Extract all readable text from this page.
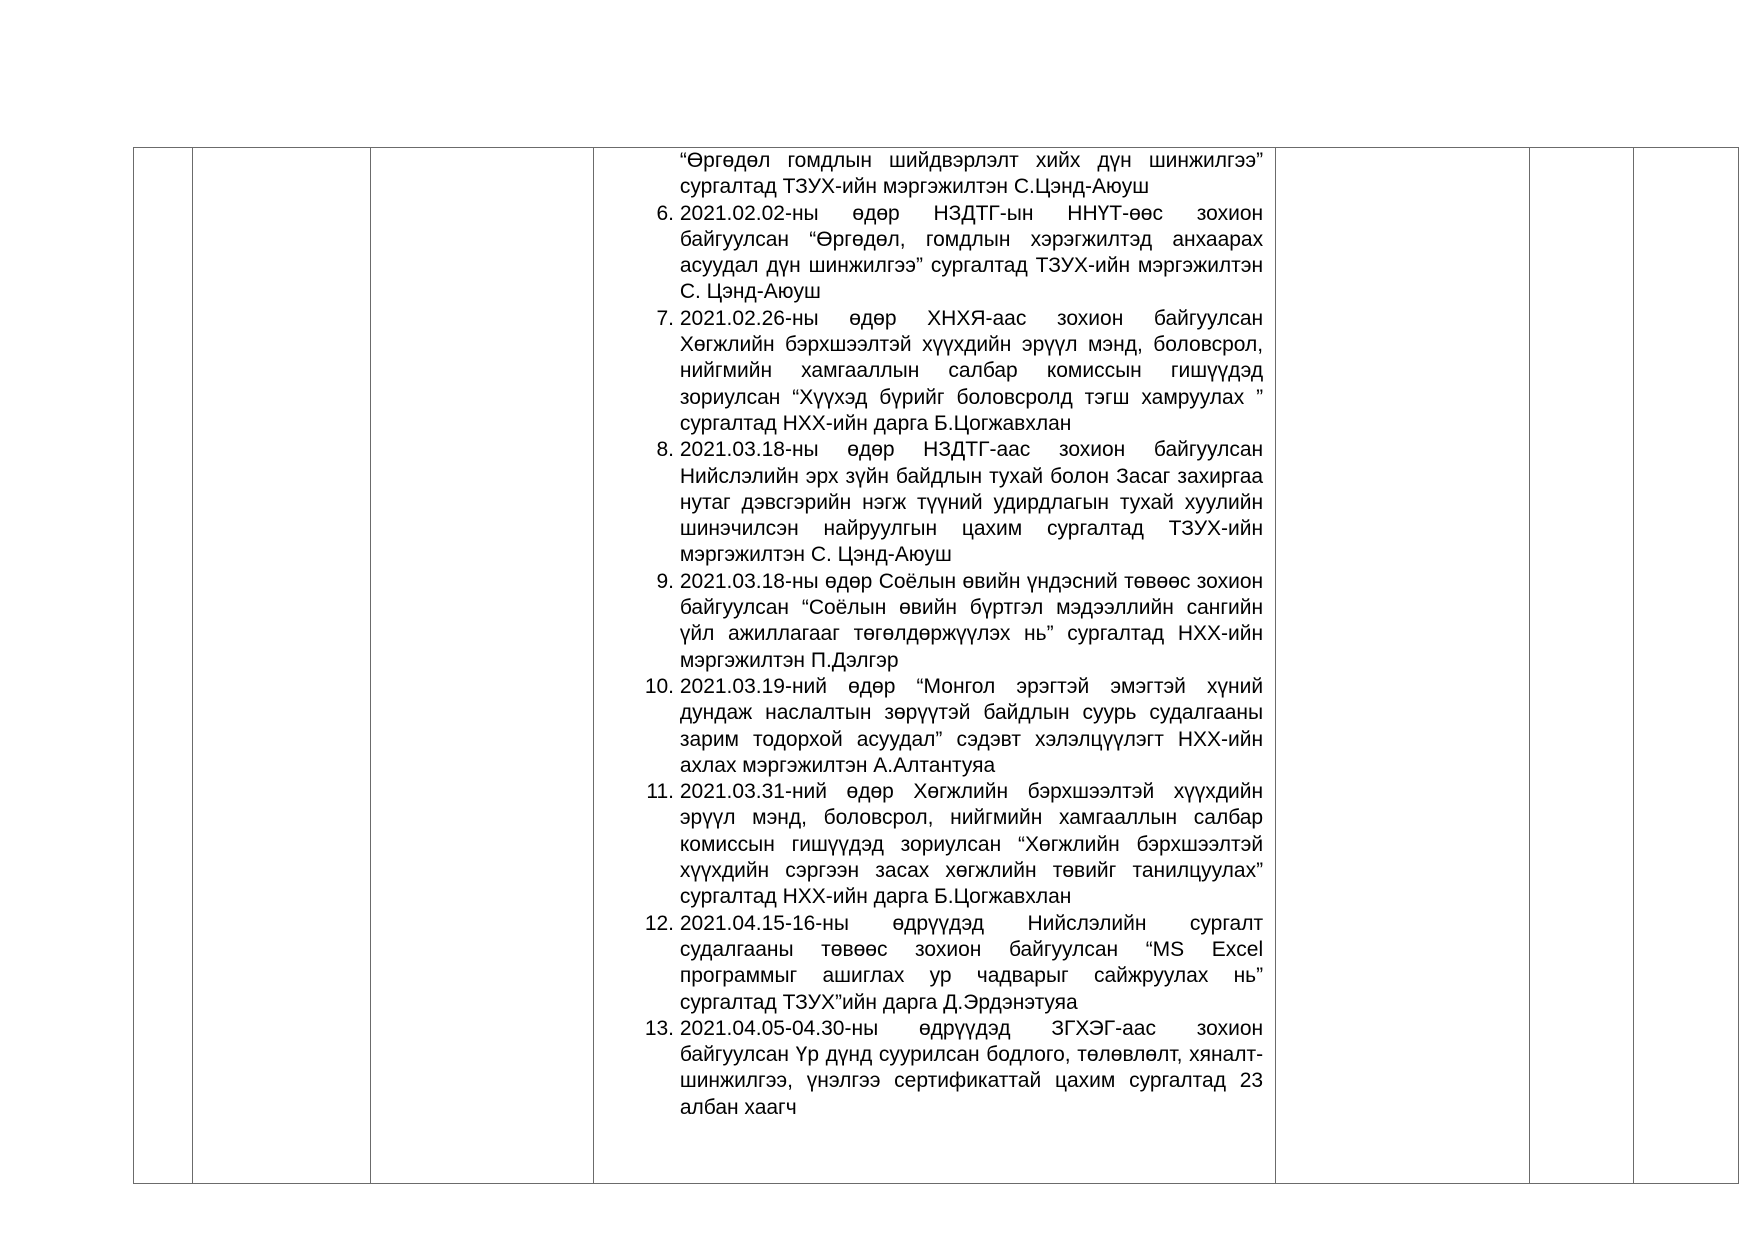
“Өргөдөл гомдлын шийдвэрлэлт хийх дүн шинжилгээ” сургалтад ТЗУХ-ийн мэргэжилтэн С.Цэнд-Аюуш
6. 2021.02.02-ны өдөр НЗДТГ-ын ННҮТ-өөс зохион байгуулсан “Өргөдөл, гомдлын хэрэгжилтэд анхаарах асуудал дүн шинжилгээ” сургалтад ТЗУХ-ийн мэргэжилтэн С. Цэнд-Аюуш
7. 2021.02.26-ны өдөр ХНХЯ-аас зохион байгуулсан Хөгжлийн бэрхшээлтэй хүүхдийн эрүүл мэнд, боловсрол, нийгмийн хамгааллын салбар комиссын гишүүдэд зориулсан “Хүүхэд бүрийг боловсролд тэгш хамруулах ” сургалтад НХХ-ийн дарга Б.Цогжавхлан
8. 2021.03.18-ны өдөр НЗДТГ-аас зохион байгуулсан Нийслэлийн эрх зүйн байдлын тухай болон Засаг захиргаа нутаг дэвсгэрийн нэгж түүний удирдлагын тухай хуулийн шинэчилсэн найруулгын цахим сургалтад ТЗУХ-ийн мэргэжилтэн С. Цэнд-Аюуш
9. 2021.03.18-ны өдөр Соёлын өвийн үндэсний төвөөс зохион байгуулсан “Соёлын өвийн бүртгэл мэдээллийн сангийн үйл ажиллагааг төгөлдөржүүлэх нь” сургалтад НХХ-ийн мэргэжилтэн П.Дэлгэр
10. 2021.03.19-ний өдөр “Монгол эрэгтэй эмэгтэй хүний дундаж наслалтын зөрүүтэй байдлын суурь судалгааны зарим тодорхой асуудал” сэдэвт хэлэлцүүлэгт НХХ-ийн ахлах мэргэжилтэн А.Алтантуяа
11. 2021.03.31-ний өдөр Хөгжлийн бэрхшээлтэй хүүхдийн эрүүл мэнд, боловсрол, нийгмийн хамгааллын салбар комиссын гишүүдэд зориулсан “Хөгжлийн бэрхшээлтэй хүүхдийн сэргээн засах хөгжлийн төвийг танилцуулах” сургалтад НХХ-ийн дарга Б.Цогжавхлан
12. 2021.04.15-16-ны өдрүүдэд Нийслэлийн сургалт судалгааны төвөөс зохион байгуулсан “MS Excel программыг ашиглах ур чадварыг сайжруулах нь” сургалтад ТЗУХ”ийн дарга Д.Эрдэнэтуяа
13. 2021.04.05-04.30-ны өдрүүдэд ЗГХЭГ-аас зохион байгуулсан Үр дүнд суурилсан бодлого, төлөвлөлт, хяналт-шинжилгээ, үнэлгээ сертификаттай цахим сургалтад 23 албан хаагч
